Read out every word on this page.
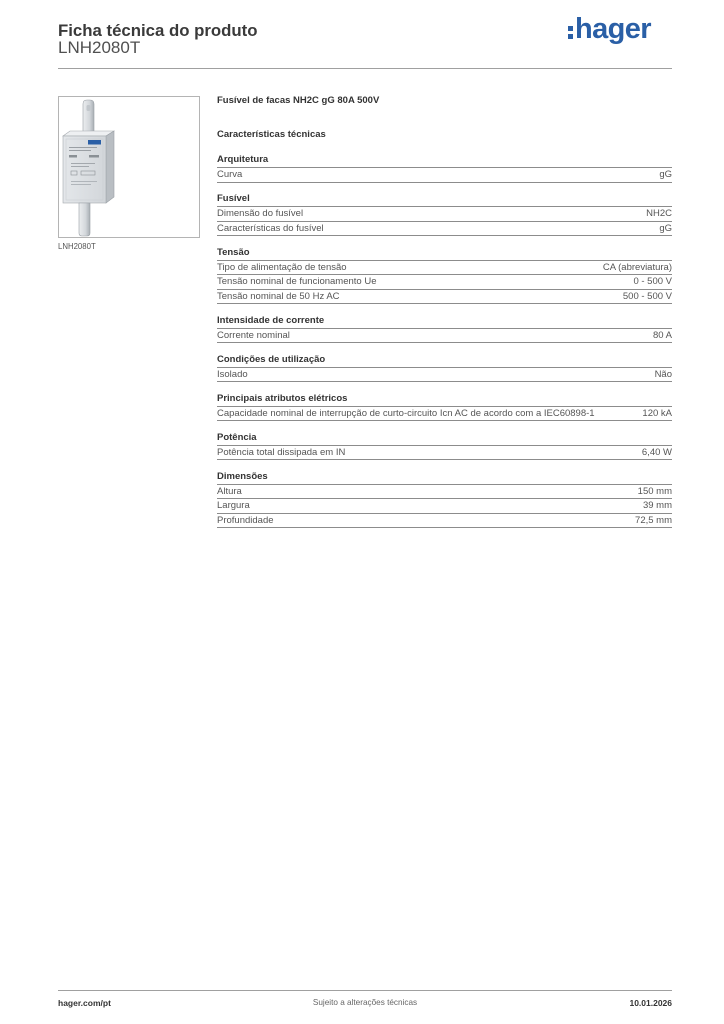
Ficha técnica do produto
LNH2080T
hager
LNH2080T
Fusível de facas NH2C gG 80A 500V
Características técnicas
Arquitetura
Curva	gG
Fusível
Dimensão do fusível	NH2C
Características do fusível	gG
Tensão
Tipo de alimentação de tensão	CA (abreviatura)
Tensão nominal de funcionamento Ue	0 - 500 V
Tensão nominal de 50 Hz AC	500 - 500 V
Intensidade de corrente
Corrente nominal	80 A
Condições de utilização
Isolado	Não
Principais atributos elétricos
Capacidade nominal de interrupção de curto-circuito Icn AC de acordo com a IEC60898-1	120 kA
Potência
Potência total dissipada em IN	6,40 W
Dimensões
Altura	150 mm
Largura	39 mm
Profundidade	72,5 mm
hager.com/pt	Sujeito a alterações técnicas	10.01.2026
